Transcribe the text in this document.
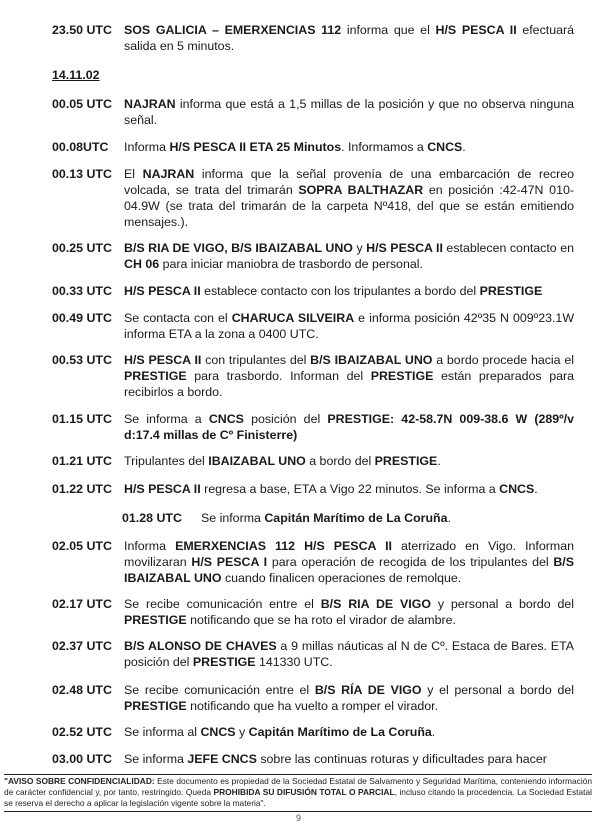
23.50 UTC SOS GALICIA – EMERXENCIAS 112 informa que el H/S PESCA II efectuará salida en 5 minutos.
14.11.02
00.05 UTC NAJRAN informa que está a 1,5 millas de la posición y que no observa ninguna señal.
00.08UTC Informa H/S PESCA II ETA 25 Minutos. Informamos a CNCS.
00.13 UTC El NAJRAN informa que la señal provenía de una embarcación de recreo volcada, se trata del trimarán SOPRA BALTHAZAR en posición :42-47N 010-04.9W (se trata del trimarán de la carpeta Nº418, del que se están emitiendo mensajes.).
00.25 UTC B/S RIA DE VIGO, B/S IBAIZABAL UNO y H/S PESCA II establecen contacto en CH 06 para iniciar maniobra de trasbordo de personal.
00.33 UTC H/S PESCA II establece contacto con los tripulantes a bordo del PRESTIGE
00.49 UTC Se contacta con el CHARUCA SILVEIRA e informa posición 42º35 N 009º23.1W informa ETA a la zona a 0400 UTC.
00.53 UTC H/S PESCA II con tripulantes del B/S IBAIZABAL UNO a bordo procede hacia el PRESTIGE para trasbordo. Informan del PRESTIGE están preparados para recibirlos a bordo.
01.15 UTC Se informa a CNCS posición del PRESTIGE: 42-58.7N 009-38.6 W (289º/v d:17.4 millas de Cº Finisterre)
01.21 UTC Tripulantes del IBAIZABAL UNO a bordo del PRESTIGE.
01.22 UTC H/S PESCA II regresa a base, ETA a Vigo 22 minutos. Se informa a CNCS.
01.28 UTC Se informa Capitán Marítimo de La Coruña.
02.05 UTC Informa EMERXENCIAS 112 H/S PESCA II aterrizado en Vigo. Informan movilizaran H/S PESCA I para operación de recogida de los tripulantes del B/S IBAIZABAL UNO cuando finalicen operaciones de remolque.
02.17 UTC Se recibe comunicación entre el B/S RIA DE VIGO y personal a bordo del PRESTIGE notificando que se ha roto el virador de alambre.
02.37 UTC B/S ALONSO DE CHAVES a 9 millas náuticas al N de Cº. Estaca de Bares. ETA posición del PRESTIGE 141330 UTC.
02.48 UTC Se recibe comunicación entre el B/S RÍA DE VIGO y el personal a bordo del PRESTIGE notificando que ha vuelto a romper el virador.
02.52 UTC Se informa al CNCS y Capitán Marítimo de La Coruña.
03.00 UTC Se informa JEFE CNCS sobre las continuas roturas y dificultades para hacer
"AVISO SOBRE CONFIDENCIALIDAD: Este documento es propiedad de la Sociedad Estatal de Salvamento y Seguridad Marítima, conteniendo información de carácter confidencial y, por tanto, restringido. Queda PROHIBIDA SU DIFUSIÓN TOTAL O PARCIAL, incluso citando la procedencia. La Sociedad Estatal se reserva el derecho a aplicar la legislación vigente sobre la materia".
9
